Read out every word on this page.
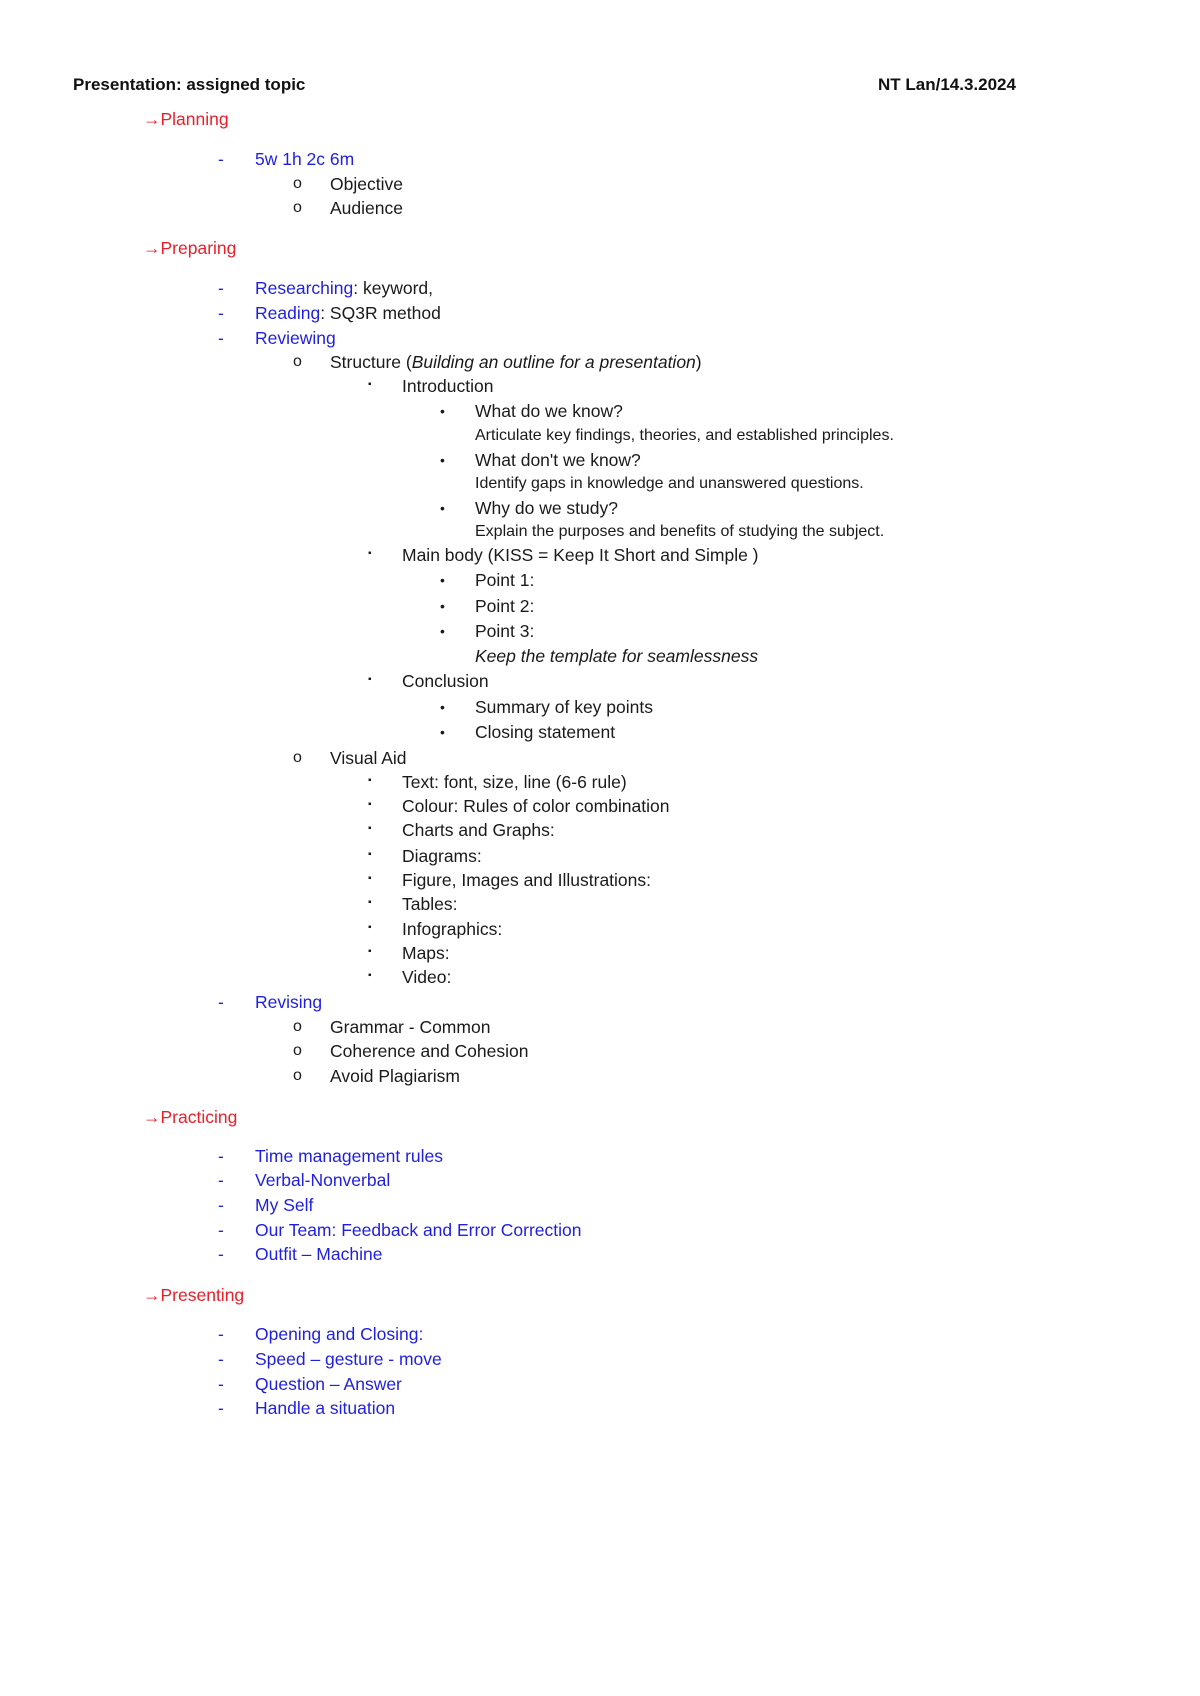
Presentation: assigned topic	NT Lan/14.3.2024
→Planning
- 5w 1h 2c 6m
o Objective
o Audience
→Preparing
- Researching: keyword,
- Reading: SQ3R method
- Reviewing
o Structure (Building an outline for a presentation)
▪ Introduction
• What do we know?
Articulate key findings, theories, and established principles.
• What don't we know?
Identify gaps in knowledge and unanswered questions.
• Why do we study?
Explain the purposes and benefits of studying the subject.
▪ Main body (KISS = Keep It Short and Simple )
• Point 1:
• Point 2:
• Point 3:
Keep the template for seamlessness
▪ Conclusion
• Summary of key points
• Closing statement
o Visual Aid
▪ Text: font, size, line (6-6 rule)
▪ Colour: Rules of color combination
▪ Charts and Graphs:
▪ Diagrams:
▪ Figure, Images and Illustrations:
▪ Tables:
▪ Infographics:
▪ Maps:
▪ Video:
- Revising
o Grammar - Common
o Coherence and Cohesion
o Avoid Plagiarism
→Practicing
- Time management rules
- Verbal-Nonverbal
- My Self
- Our Team: Feedback and Error Correction
- Outfit – Machine
→Presenting
- Opening and Closing:
- Speed – gesture - move
- Question – Answer
- Handle a situation
